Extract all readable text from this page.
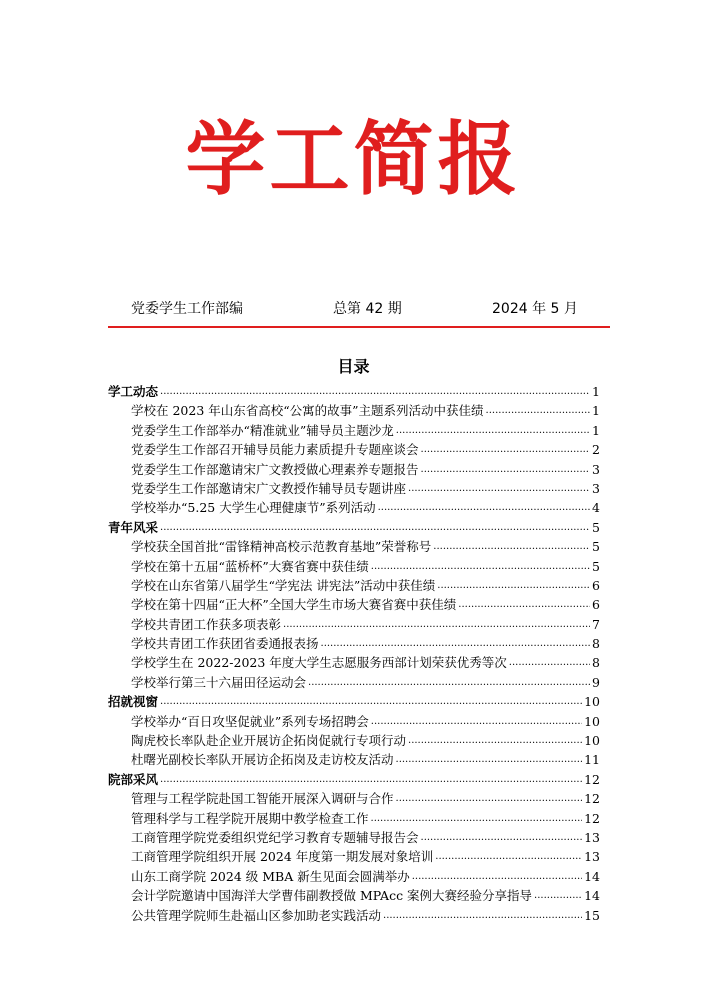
学工简报
党委学生工作部编	总第 42 期	2024 年 5 月
目录
学工动态 .....	1
学校在 2023 年山东省高校“公寓的故事”主题系列活动中获佳绩 .....	1
党委学生工作部举办“精准就业”辅导员主题沙龙 .....	1
党委学生工作部召开辅导员能力素质提升专题座谈会 .....	2
党委学生工作部邀请宋广文教授做心理素养专题报告 .....	3
党委学生工作部邀请宋广文教授作辅导员专题讲座 .....	3
学校举办“5.25 大学生心理健康节”系列活动 .....	4
青年风采 .....	5
学校获全国首批“雷锋精神高校示范教育基地”荣誉称号 .....	5
学校在第十五届“蓝桥杯”大赛省赛中获佳绩 .....	5
学校在山东省第八届学生“学宪法 讲宪法”活动中获佳绩 .....	6
学校在第十四届“正大杯”全国大学生市场大赛省赛中获佳绩 .....	6
学校共青团工作获多项表彰 .....	7
学校共青团工作获团省委通报表扬 .....	8
学校学生在 2022-2023 年度大学生志愿服务西部计划荣获优秀等次 .....	8
学校举行第三十六届田径运动会 .....	9
招就视窗 .....	10
学校举办“百日攻坚促就业”系列专场招聘会 .....	10
陶虎校长率队赴企业开展访企拓岗促就行专项行动 .....	10
杜曙光副校长率队开展访企拓岗及走访校友活动 .....	11
院部采风 .....	12
管理与工程学院赴国工智能开展深入调研与合作 .....	12
管理科学与工程学院开展期中教学检查工作 .....	12
工商管理学院党委组织党纪学习教育专题辅导报告会 .....	13
工商管理学院组织开展 2024 年度第一期发展对象培训 .....	13
山东工商学院 2024 级 MBA 新生见面会圆满举办 .....	14
会计学院邀请中国海洋大学曹伟副教授做 MPAcc 案例大赛经验分享指导 .....	14
公共管理学院师生赴福山区参加助老实践活动 .....	15
